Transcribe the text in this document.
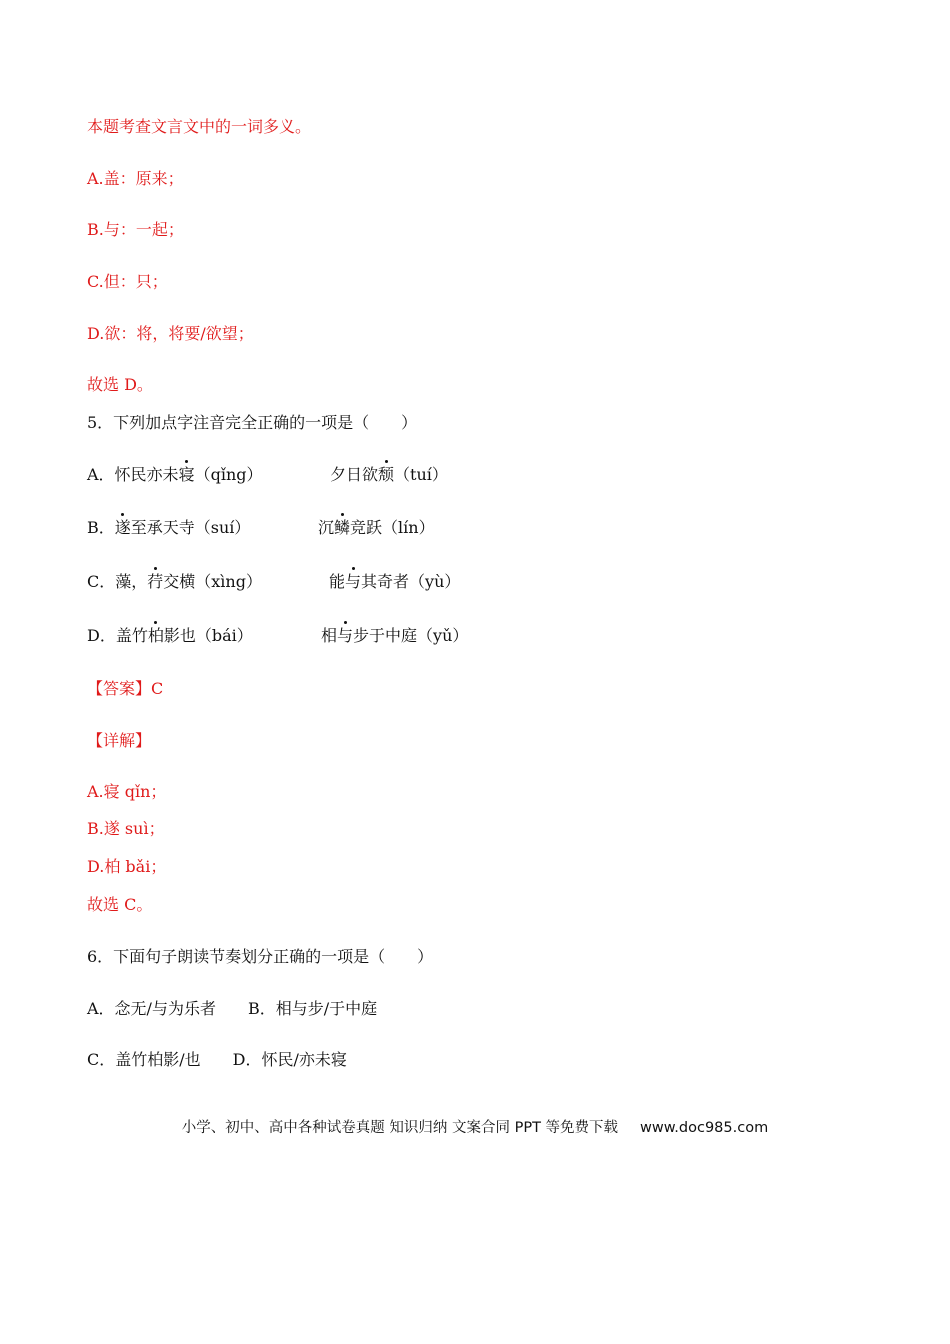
本题考查文言文中的一词多义。
A.盖：原来；
B.与：一起；
C.但：只；
D.欲：将，将要/欲望；
故选 D。
5．下列加点字注音完全正确的一项是（　　）
A．怀民亦未寝（qǐng）	夕日欲颓（tuí）
B．遂至承天寺（suí）	沉鳞竞跃（lín）
C．藻，荇交横（xìng）	能与其奇者（yù）
D．盖竹柏影也（bái）	相与步于中庭（yǔ）
【答案】C
【详解】
A.寝 qǐn；
B.遂 suì；
D.柏 bǎi；
故选 C。
6．下面句子朗读节奏划分正确的一项是（　　）
A．念无/与为乐者　　B．相与步/于中庭
C．盖竹柏影/也　　D．怀民/亦未寝
小学、初中、高中各种试卷真题 知识归纳 文案合同 PPT 等免费下载 www.doc985.com
